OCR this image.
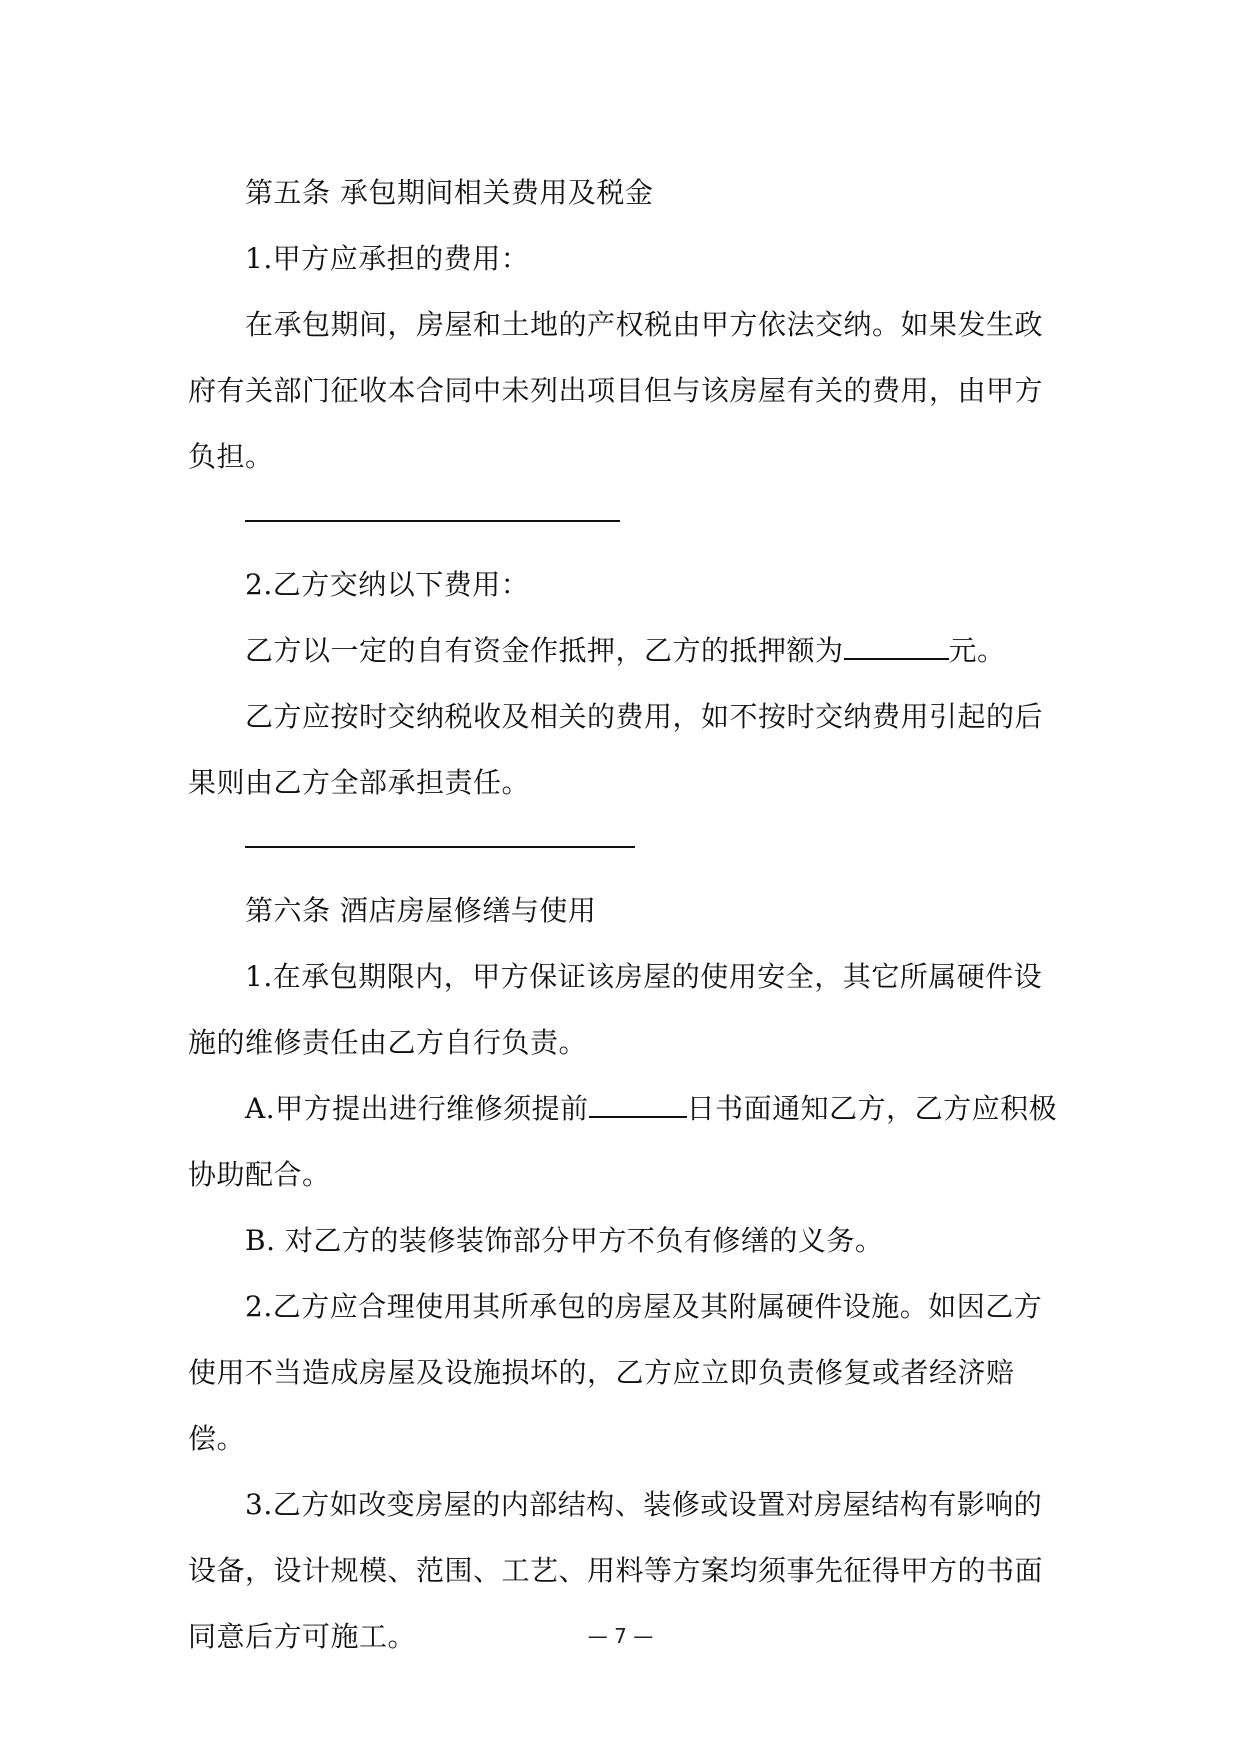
第五条 承包期间相关费用及税金

1.甲方应承担的费用：

在承包期间，房屋和土地的产权税由甲方依法交纳。如果发生政府有关部门征收本合同中未列出项目但与该房屋有关的费用，由甲方负担。

2.乙方交纳以下费用：

乙方以一定的自有资金作抵押，乙方的抵押额为	元。

乙方应按时交纳税收及相关的费用，如不按时交纳费用引起的后果则由乙方全部承担责任。

第六条 酒店房屋修缮与使用

1.在承包期限内，甲方保证该房屋的使用安全，其它所属硬件设施的维修责任由乙方自行负责。

A.甲方提出进行维修须提前	日书面通知乙方，乙方应积极协助配合。

B. 对乙方的装修装饰部分甲方不负有修缮的义务。

2.乙方应合理使用其所承包的房屋及其附属硬件设施。如因乙方使用不当造成房屋及设施损坏的，乙方应立即负责修复或者经济赔偿。

3.乙方如改变房屋的内部结构、装修或设置对房屋结构有影响的设备，设计规模、范围、工艺、用料等方案均须事先征得甲方的书面同意后方可施工。	— 7 —
